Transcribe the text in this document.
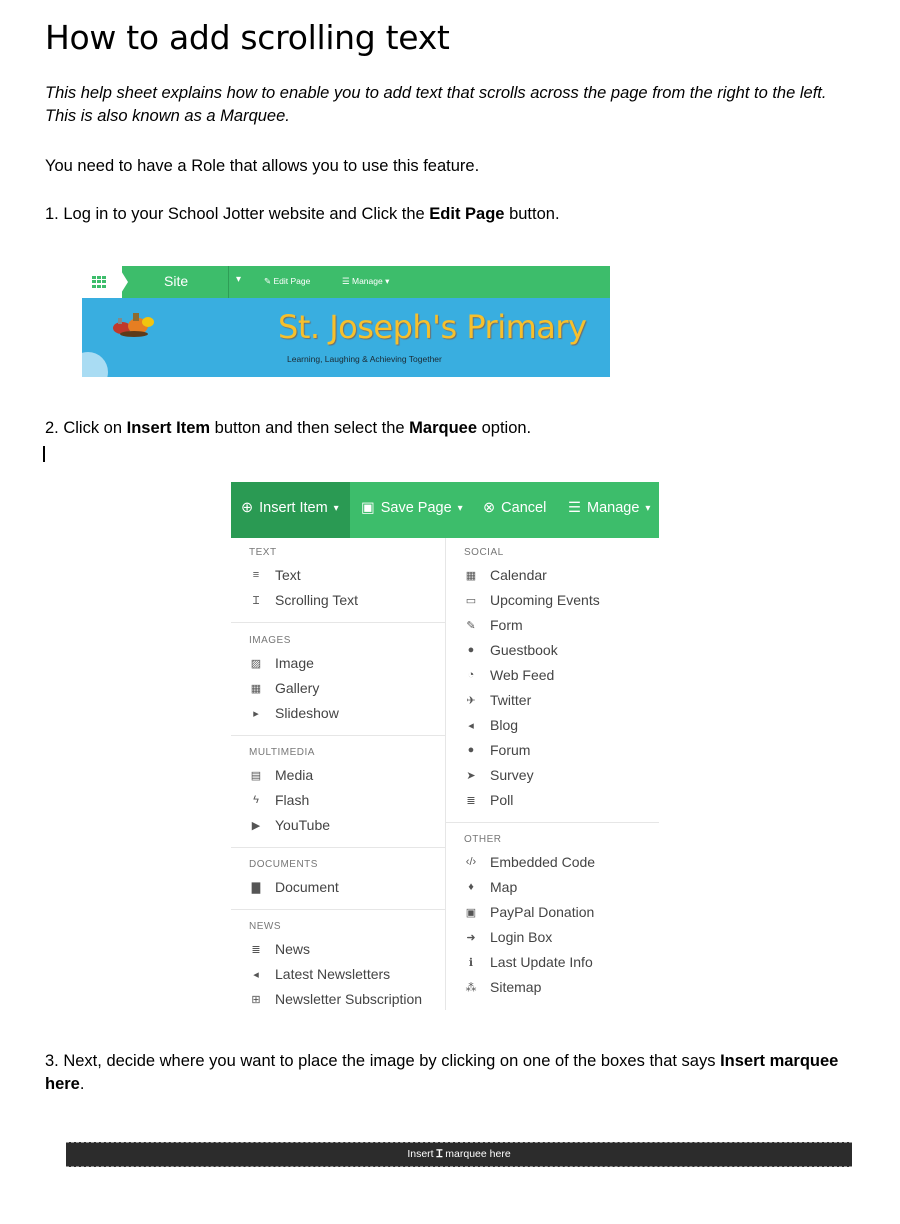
How to add scrolling text

This help sheet explains how to enable you to add text that scrolls across the page from the right to the left. This is also known as a Marquee.

You need to have a Role that allows you to use this feature.

1. Log in to your School Jotter website and Click the Edit Page button.

Site	▾	✎ Edit Page	☰ Manage ▾
St. Joseph's Primary
Learning, Laughing & Achieving Together

2. Click on Insert Item button and then select the Marquee option.

⊕ Insert Item ▾ ▣ Save Page ▾ ⊗ Cancel ☰ Manage ▾
TEXT
≡ Text
Ɪ Scrolling Text
IMAGES
▨ Image
▦ Gallery
▸	Slideshow
MULTIMEDIA
▤ Media
ϟ Flash
▶ YouTube
DOCUMENTS
▇ Document
NEWS
≣ News
◂	Latest Newsletters
⊞ Newsletter Subscription
SOCIAL
▦ Calendar
▭ Upcoming Events
✎ Form
● Guestbook
◔ Web Feed
✈ Twitter
◂	Blog
● Forum
➤ Survey
≣ Poll
OTHER
‹/› Embedded Code
♦ Map
▣ PayPal Donation
➜ Login Box
ℹ	Last Update Info
⁂ Sitemap

3. Next, decide where you want to place the image by clicking on one of the boxes that says Insert marquee here.

Insert Ɪ marquee here
